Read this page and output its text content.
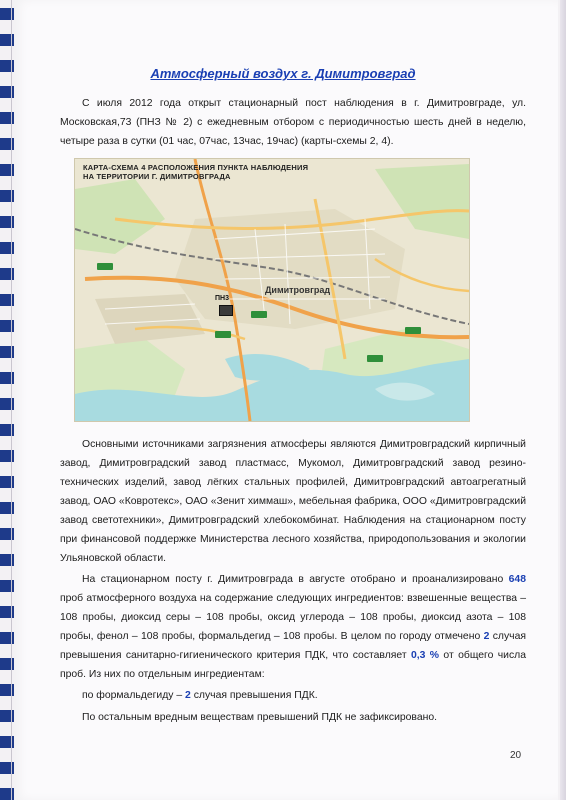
Атмосферный воздух г. Димитровград
С июля 2012 года открыт стационарный пост наблюдения в г. Димитровграде, ул. Московская,73 (ПНЗ № 2) с ежедневным отбором с периодичностью шесть дней в неделю, четыре раза в сутки (01 час, 07час, 13час, 19час) (карты-схемы 2, 4).
КАРТА-СХЕМА 4 РАСПОЛОЖЕНИЯ ПУНКТА НАБЛЮДЕНИЯ
НА ТЕРРИТОРИИ Г. ДИМИТРОВГРАДА
Димитровград
ПН3
Основными источниками загрязнения атмосферы являются Димитровградский кирпичный завод, Димитровградский завод пластмасс, Мукомол, Димитровградский завод резино-технических изделий, завод лёгких стальных профилей, Димитровградский автоагрегатный завод, ОАО «Ковротекс», ОАО «Зенит химмаш», мебельная фабрика, ООО «Димитровградский завод светотехники», Димитровградский хлебокомбинат. Наблюдения на стационарном посту при финансовой поддержке Министерства лесного хозяйства, природопользования и экологии Ульяновской области.
На стационарном посту г. Димитровграда в августе отобрано и проанализировано 648 проб атмосферного воздуха на содержание следующих ингредиентов: взвешенные вещества – 108 пробы, диоксид серы – 108 пробы, оксид углерода – 108 пробы, диоксид азота – 108 пробы, фенол – 108 пробы, формальдегид – 108 пробы. В целом по городу отмечено 2 случая превышения санитарно-гигиенического критерия ПДК, что составляет 0,3 % от общего числа проб. Из них по отдельным ингредиентам:
по формальдегиду – 2 случая превышения ПДК.
По остальным вредным веществам превышений ПДК не зафиксировано.
20
